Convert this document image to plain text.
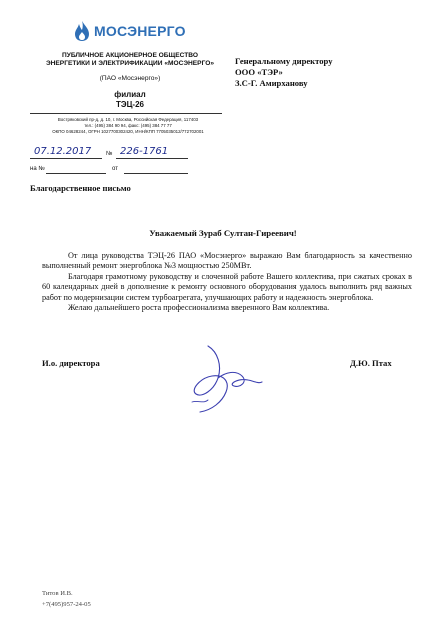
МОСЭНЕРГО
ПУБЛИЧНОЕ АКЦИОНЕРНОЕ ОБЩЕСТВО
ЭНЕРГЕТИКИ И ЭЛЕКТРИФИКАЦИИ «МОСЭНЕРГО»
(ПАО «Мосэнерго»)
филиал
ТЭЦ-26
Востряковский пр-д, д. 10, г. Москва, Российская Федерация, 117403
тел.: (495) 384 90 94, факс: (495) 384 77 77
ОКПО 04628244, ОГРН 1027700302420, ИНН/КПП 7705035012/772702001
07.12.2017 № 226-1761
на №	от
Генеральному директору
ООО «ТЭР»
З.С-Г. Амирханову
Благодарственное письмо
Уважаемый Зураб Султан-Гиреевич!

От лица руководства ТЭЦ-26 ПАО «Мосэнерго» выражаю Вам благодарность за качественно выполненный ремонт энергоблока №3 мощностью 250МВт.

Благодаря грамотному руководству и слоченной работе Вашего коллектива, при сжатых сроках в 60 календарных дней в дополнение к ремонту основного оборудования удалось выполнить ряд важных работ по модернизации систем турбоагрегата, улучшающих работу и надежность энергоблока.

Желаю дальнейшего роста профессионализма вверенного Вам коллектива.

И.о. директора	Д.Ю. Птах
Титов И.В.
+7(495)957-24-05
